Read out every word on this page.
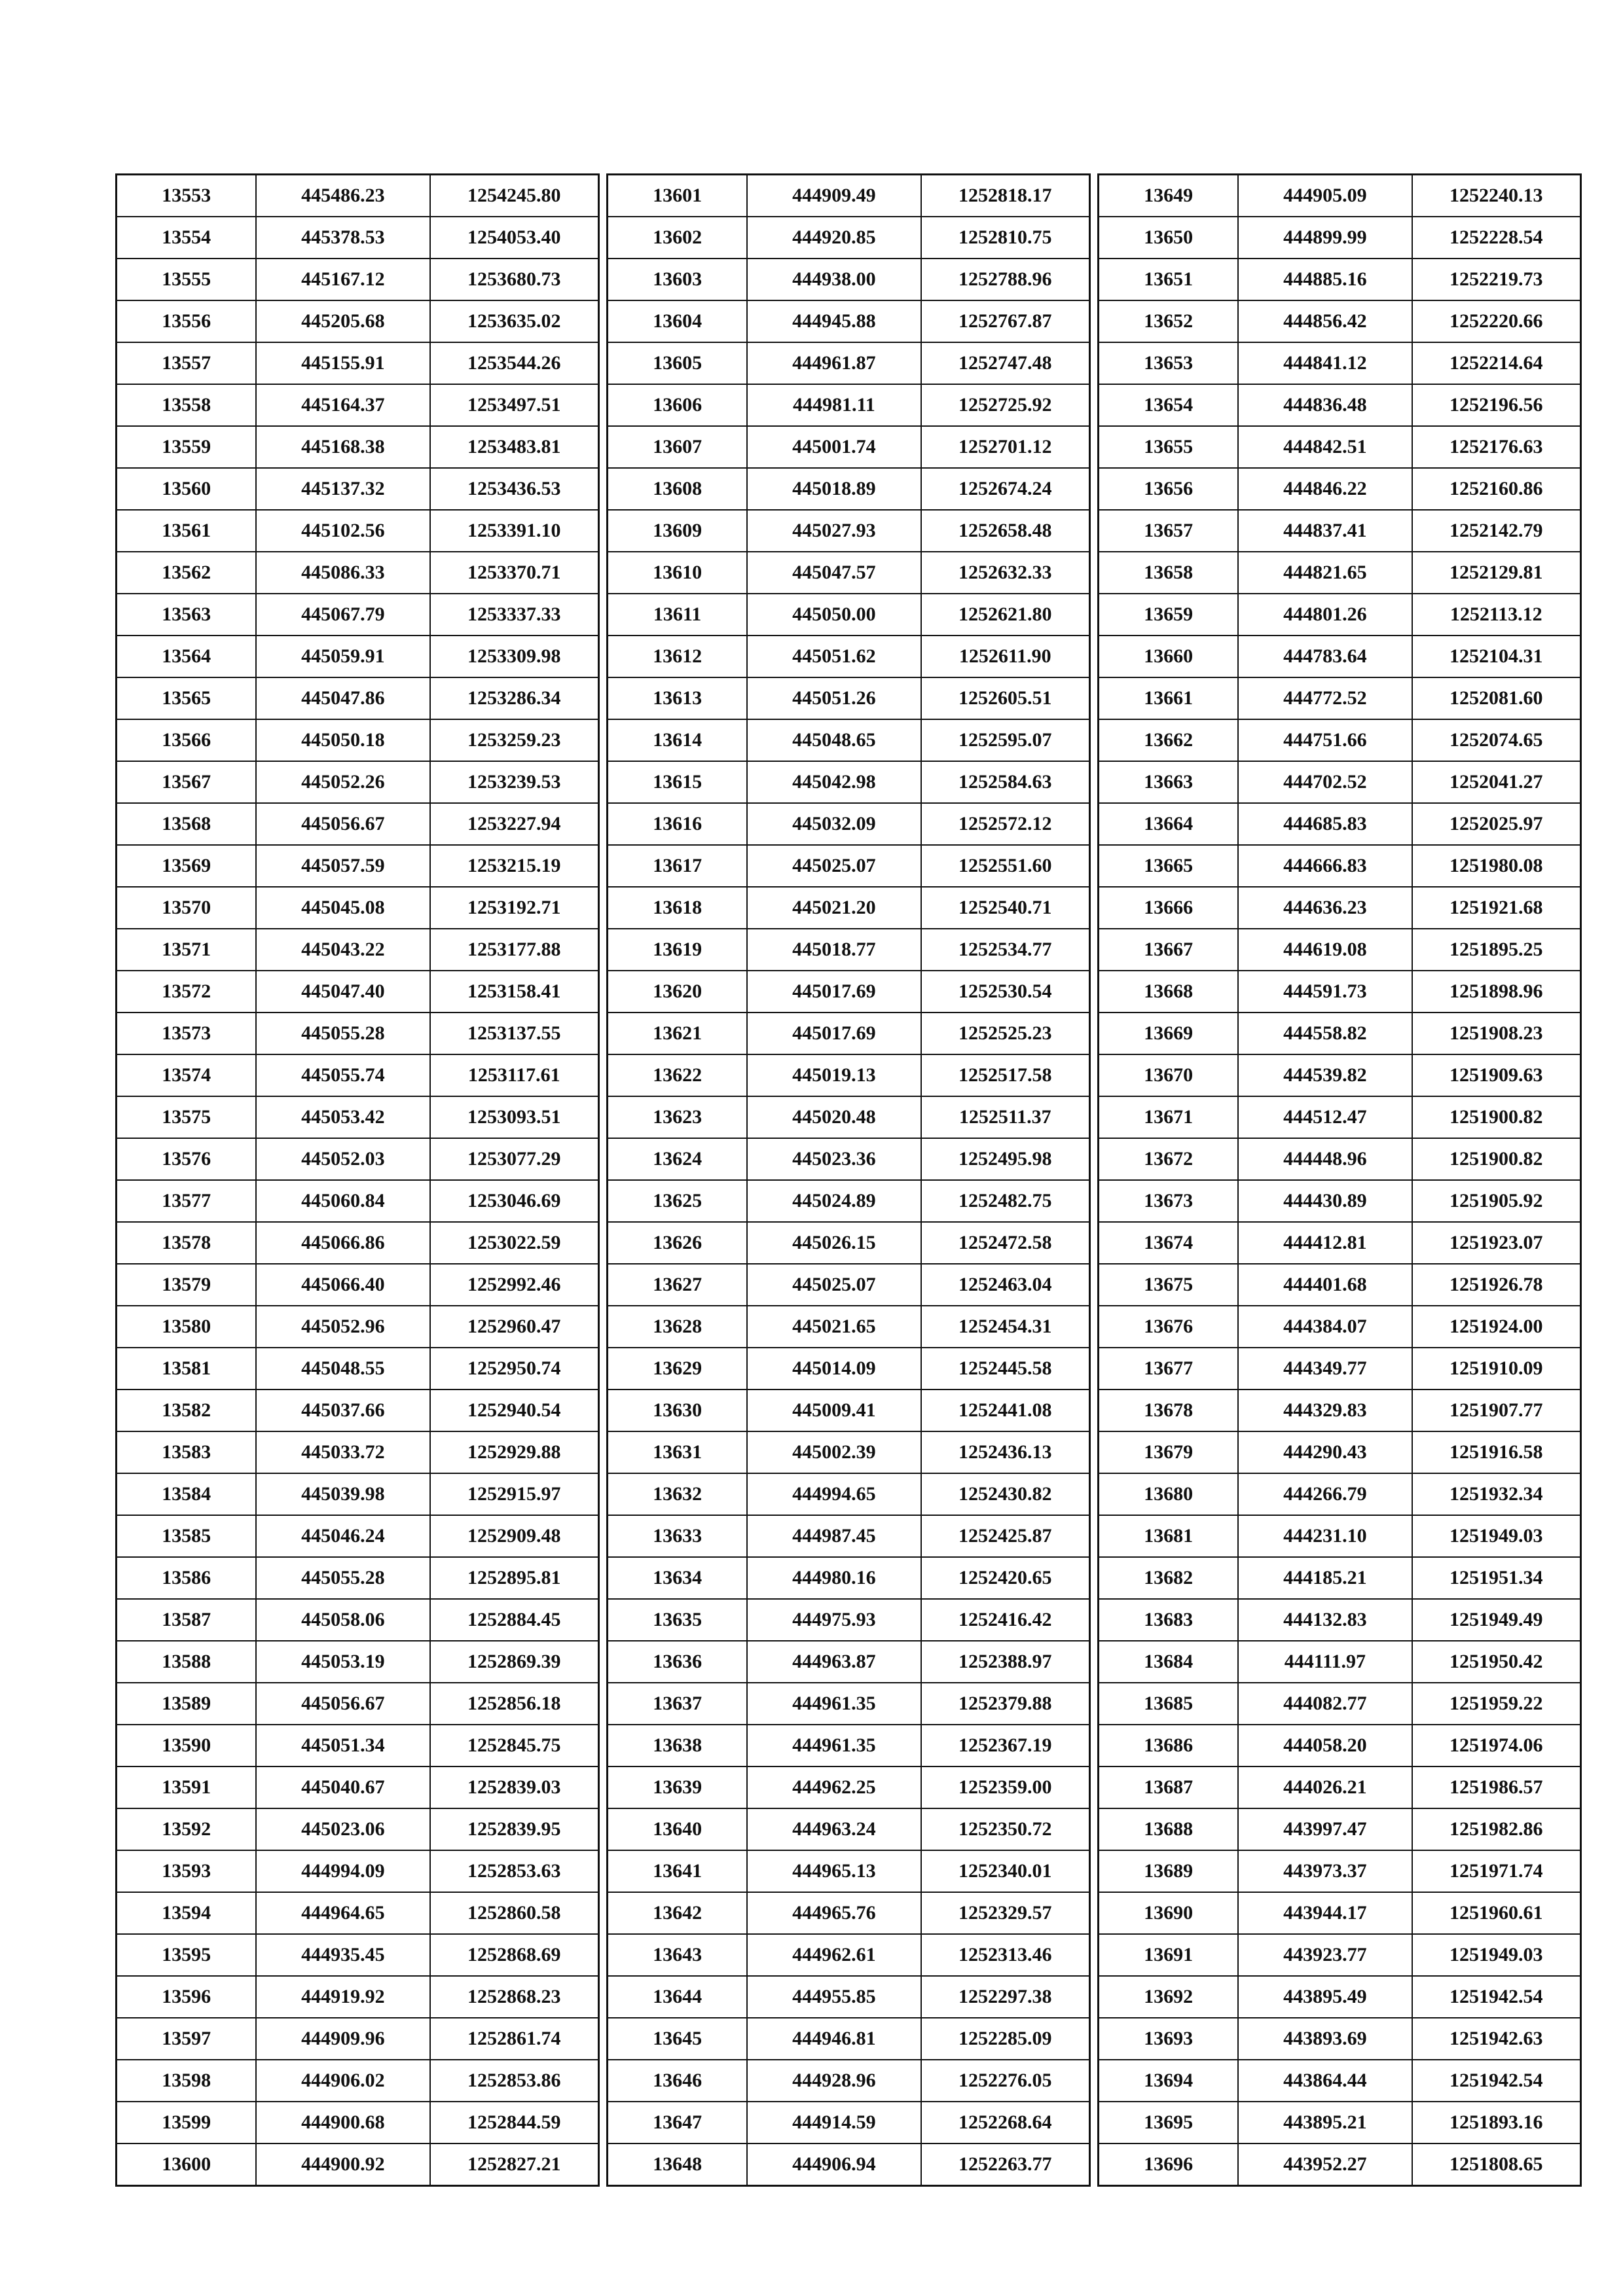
13553	445486.23	1254245.80
13554	445378.53	1254053.40
13555	445167.12	1253680.73
13556	445205.68	1253635.02
13557	445155.91	1253544.26
13558	445164.37	1253497.51
13559	445168.38	1253483.81
13560	445137.32	1253436.53
13561	445102.56	1253391.10
13562	445086.33	1253370.71
13563	445067.79	1253337.33
13564	445059.91	1253309.98
13565	445047.86	1253286.34
13566	445050.18	1253259.23
13567	445052.26	1253239.53
13568	445056.67	1253227.94
13569	445057.59	1253215.19
13570	445045.08	1253192.71
13571	445043.22	1253177.88
13572	445047.40	1253158.41
13573	445055.28	1253137.55
13574	445055.74	1253117.61
13575	445053.42	1253093.51
13576	445052.03	1253077.29
13577	445060.84	1253046.69
13578	445066.86	1253022.59
13579	445066.40	1252992.46
13580	445052.96	1252960.47
13581	445048.55	1252950.74
13582	445037.66	1252940.54
13583	445033.72	1252929.88
13584	445039.98	1252915.97
13585	445046.24	1252909.48
13586	445055.28	1252895.81
13587	445058.06	1252884.45
13588	445053.19	1252869.39
13589	445056.67	1252856.18
13590	445051.34	1252845.75
13591	445040.67	1252839.03
13592	445023.06	1252839.95
13593	444994.09	1252853.63
13594	444964.65	1252860.58
13595	444935.45	1252868.69
13596	444919.92	1252868.23
13597	444909.96	1252861.74
13598	444906.02	1252853.86
13599	444900.68	1252844.59
13600	444900.92	1252827.21
13601	444909.49	1252818.17
13602	444920.85	1252810.75
13603	444938.00	1252788.96
13604	444945.88	1252767.87
13605	444961.87	1252747.48
13606	444981.11	1252725.92
13607	445001.74	1252701.12
13608	445018.89	1252674.24
13609	445027.93	1252658.48
13610	445047.57	1252632.33
13611	445050.00	1252621.80
13612	445051.62	1252611.90
13613	445051.26	1252605.51
13614	445048.65	1252595.07
13615	445042.98	1252584.63
13616	445032.09	1252572.12
13617	445025.07	1252551.60
13618	445021.20	1252540.71
13619	445018.77	1252534.77
13620	445017.69	1252530.54
13621	445017.69	1252525.23
13622	445019.13	1252517.58
13623	445020.48	1252511.37
13624	445023.36	1252495.98
13625	445024.89	1252482.75
13626	445026.15	1252472.58
13627	445025.07	1252463.04
13628	445021.65	1252454.31
13629	445014.09	1252445.58
13630	445009.41	1252441.08
13631	445002.39	1252436.13
13632	444994.65	1252430.82
13633	444987.45	1252425.87
13634	444980.16	1252420.65
13635	444975.93	1252416.42
13636	444963.87	1252388.97
13637	444961.35	1252379.88
13638	444961.35	1252367.19
13639	444962.25	1252359.00
13640	444963.24	1252350.72
13641	444965.13	1252340.01
13642	444965.76	1252329.57
13643	444962.61	1252313.46
13644	444955.85	1252297.38
13645	444946.81	1252285.09
13646	444928.96	1252276.05
13647	444914.59	1252268.64
13648	444906.94	1252263.77
13649	444905.09	1252240.13
13650	444899.99	1252228.54
13651	444885.16	1252219.73
13652	444856.42	1252220.66
13653	444841.12	1252214.64
13654	444836.48	1252196.56
13655	444842.51	1252176.63
13656	444846.22	1252160.86
13657	444837.41	1252142.79
13658	444821.65	1252129.81
13659	444801.26	1252113.12
13660	444783.64	1252104.31
13661	444772.52	1252081.60
13662	444751.66	1252074.65
13663	444702.52	1252041.27
13664	444685.83	1252025.97
13665	444666.83	1251980.08
13666	444636.23	1251921.68
13667	444619.08	1251895.25
13668	444591.73	1251898.96
13669	444558.82	1251908.23
13670	444539.82	1251909.63
13671	444512.47	1251900.82
13672	444448.96	1251900.82
13673	444430.89	1251905.92
13674	444412.81	1251923.07
13675	444401.68	1251926.78
13676	444384.07	1251924.00
13677	444349.77	1251910.09
13678	444329.83	1251907.77
13679	444290.43	1251916.58
13680	444266.79	1251932.34
13681	444231.10	1251949.03
13682	444185.21	1251951.34
13683	444132.83	1251949.49
13684	444111.97	1251950.42
13685	444082.77	1251959.22
13686	444058.20	1251974.06
13687	444026.21	1251986.57
13688	443997.47	1251982.86
13689	443973.37	1251971.74
13690	443944.17	1251960.61
13691	443923.77	1251949.03
13692	443895.49	1251942.54
13693	443893.69	1251942.63
13694	443864.44	1251942.54
13695	443895.21	1251893.16
13696	443952.27	1251808.65
